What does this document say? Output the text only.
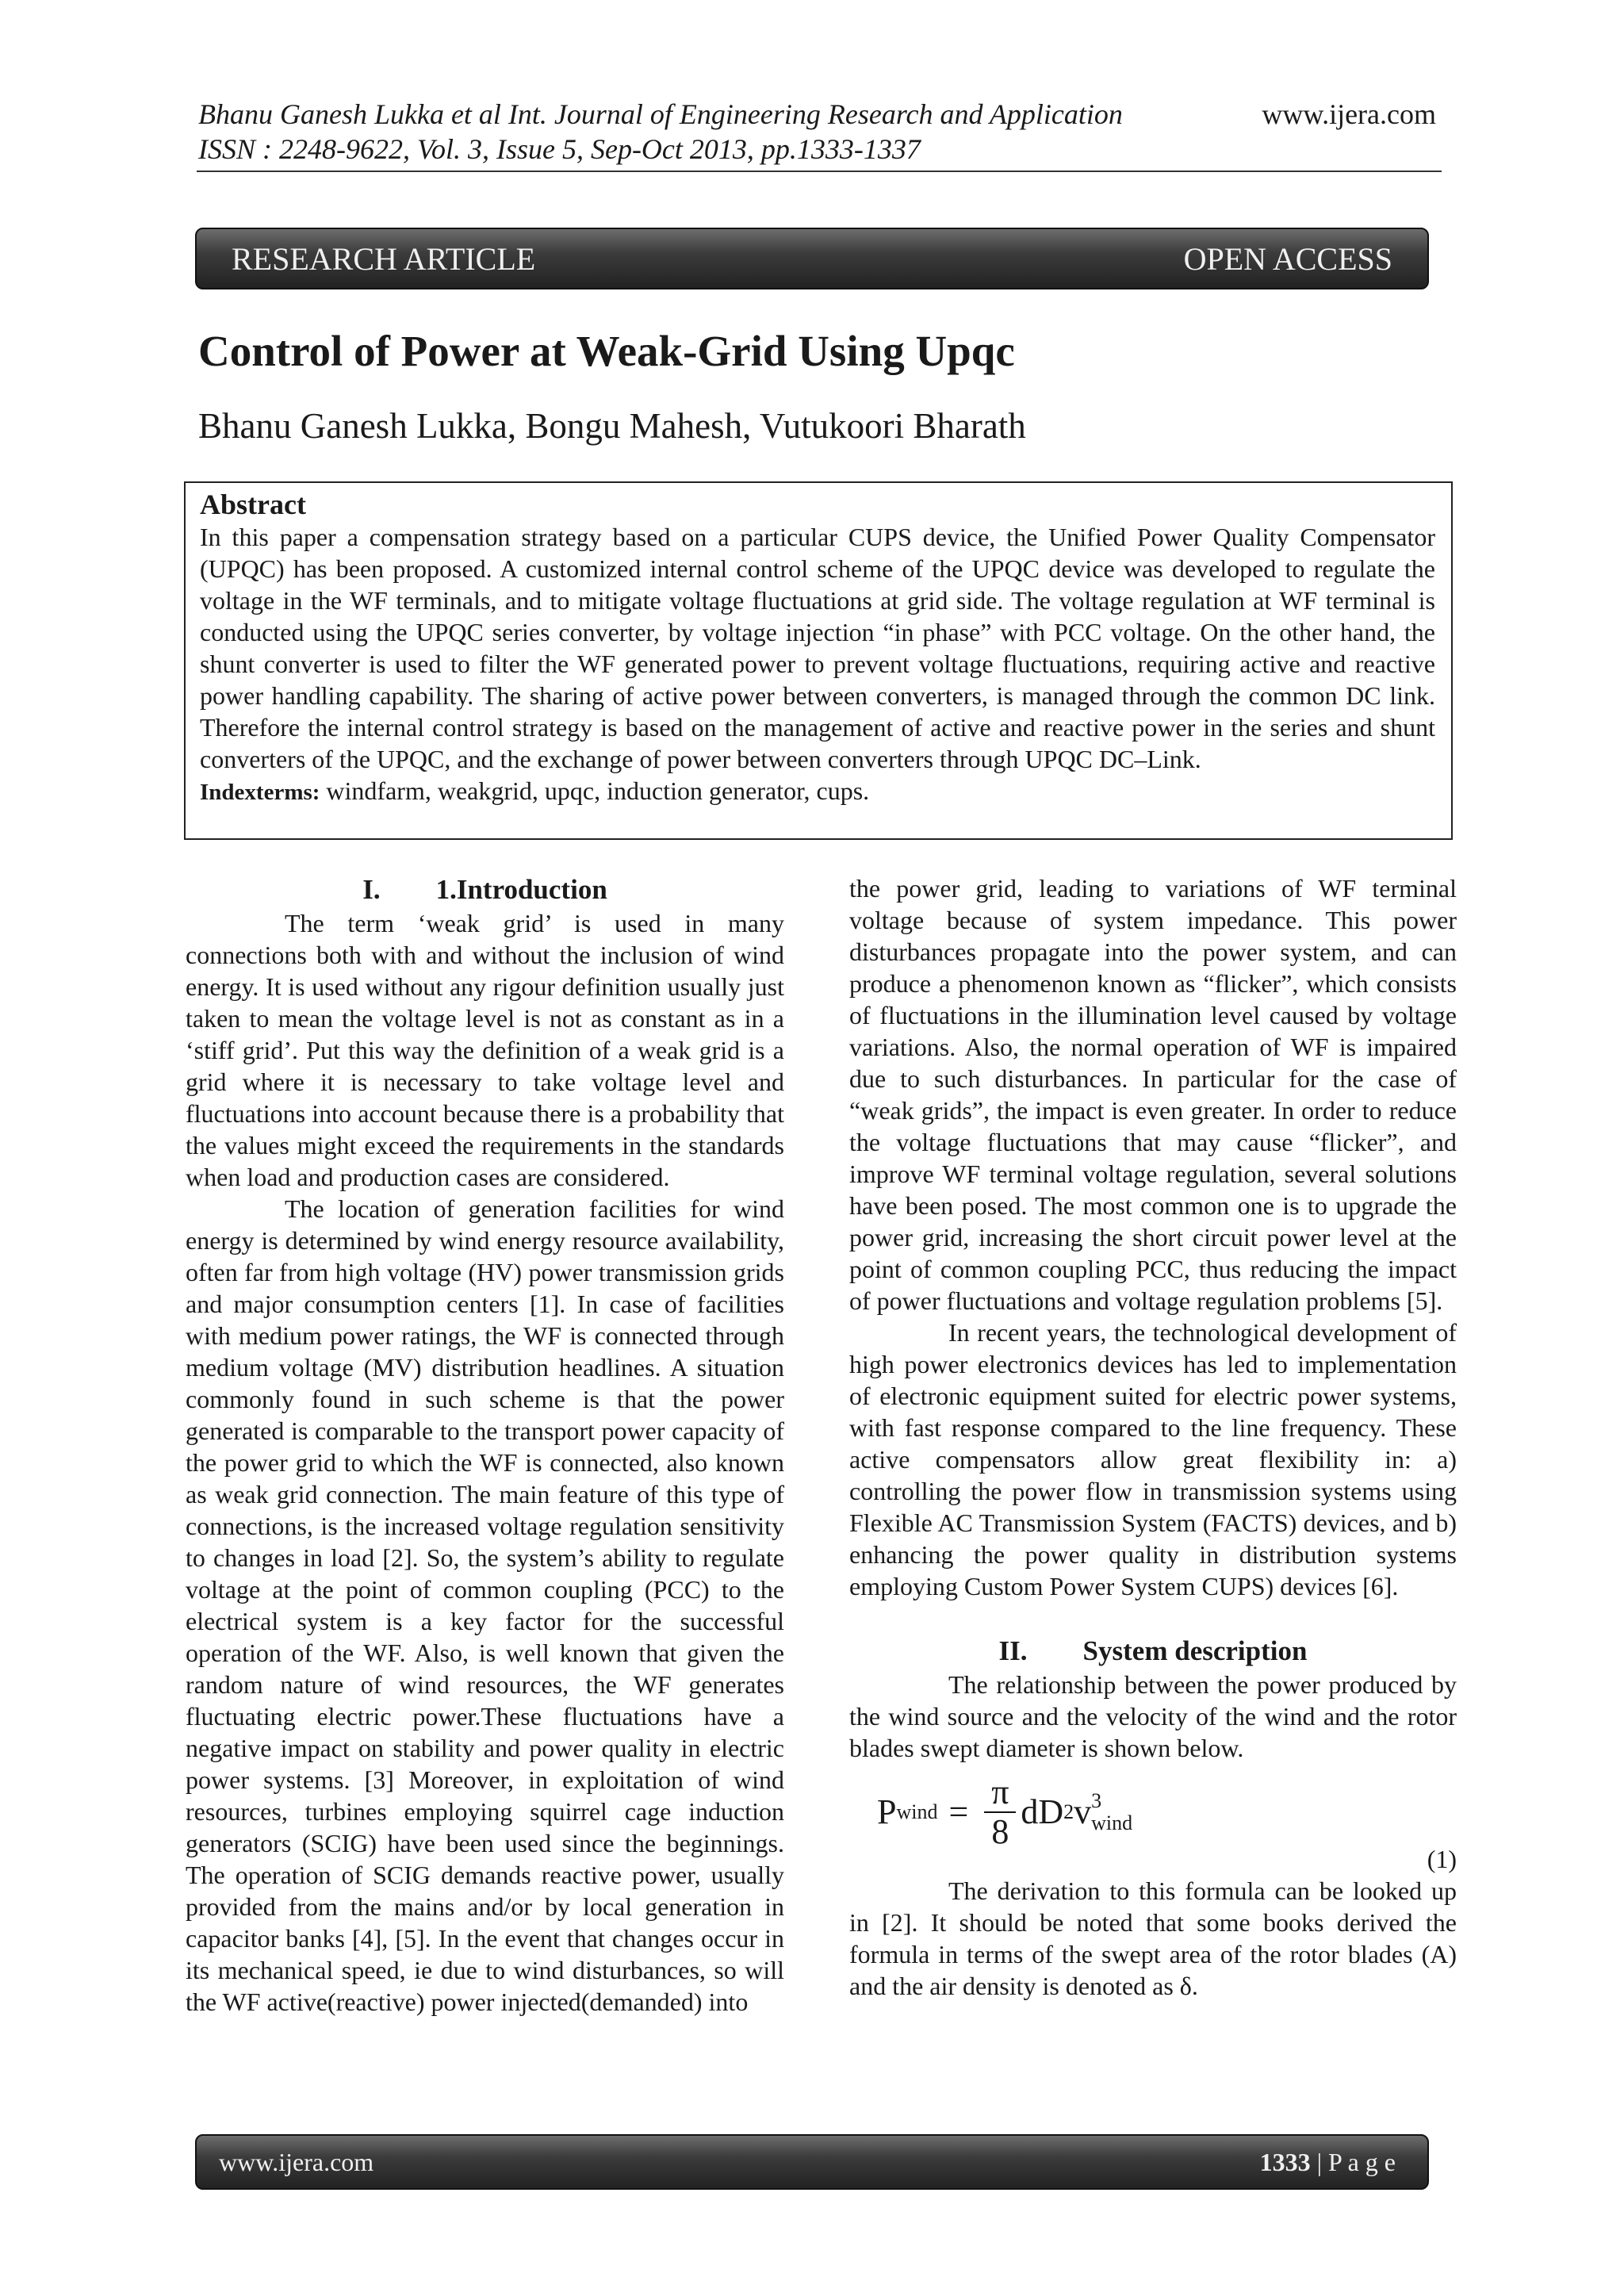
Bhanu Ganesh Lukka et al Int. Journal of Engineering Research and Application
ISSN : 2248-9622, Vol. 3, Issue 5, Sep-Oct 2013, pp.1333-1337
www.ijera.com
RESEARCH ARTICLE	OPEN ACCESS
Control of Power at Weak-Grid Using Upqc
Bhanu Ganesh Lukka, Bongu Mahesh, Vutukoori Bharath
Abstract
In this paper a compensation strategy based on a particular CUPS device, the Unified Power Quality Compensator (UPQC) has been proposed. A customized internal control scheme of the UPQC device was developed to regulate the voltage in the WF terminals, and to mitigate voltage fluctuations at grid side. The voltage regulation at WF terminal is conducted using the UPQC series converter, by voltage injection “in phase” with PCC voltage. On the other hand, the shunt converter is used to filter the WF generated power to prevent voltage fluctuations, requiring active and reactive power handling capability. The sharing of active power between converters, is managed through the common DC link. Therefore the internal control strategy is based on the management of active and reactive power in the series and shunt converters of the UPQC, and the exchange of power between converters through UPQC DC–Link.
Indexterms: windfarm, weakgrid, upqc, induction generator, cups.
I. 1.Introduction

The term ‘weak grid’ is used in many connections both with and without the inclusion of wind energy. It is used without any rigour definition usually just taken to mean the voltage level is not as constant as in a ‘stiff grid’. Put this way the definition of a weak grid is a grid where it is necessary to take voltage level and fluctuations into account because there is a probability that the values might exceed the requirements in the standards when load and production cases are considered.

The location of generation facilities for wind energy is determined by wind energy resource availability, often far from high voltage (HV) power transmission grids and major consumption centers [1]. In case of facilities with medium power ratings, the WF is connected through medium voltage (MV) distribution headlines. A situation commonly found in such scheme is that the power generated is comparable to the transport power capacity of the power grid to which the WF is connected, also known as weak grid connection. The main feature of this type of connections, is the increased voltage regulation sensitivity to changes in load [2]. So, the system’s ability to regulate voltage at the point of common coupling (PCC) to the electrical system is a key factor for the successful operation of the WF. Also, is well known that given the random nature of wind resources, the WF generates fluctuating electric power.These fluctuations have a negative impact on stability and power quality in electric power systems. [3] Moreover, in exploitation of wind resources, turbines employing squirrel cage induction generators (SCIG) have been used since the beginnings. The operation of SCIG demands reactive power, usually provided from the mains and/or by local generation in capacitor banks [4], [5]. In the event that changes occur in its mechanical speed, ie due to wind disturbances, so will the WF active(reactive) power injected(demanded) into

the power grid, leading to variations of WF terminal voltage because of system impedance. This power disturbances propagate into the power system, and can produce a phenomenon known as “flicker”, which consists of fluctuations in the illumination level caused by voltage variations. Also, the normal operation of WF is impaired due to such disturbances. In particular for the case of “weak grids”, the impact is even greater. In order to reduce the voltage fluctuations that may cause “flicker”, and improve WF terminal voltage regulation, several solutions have been posed. The most common one is to upgrade the power grid, increasing the short circuit power level at the point of common coupling PCC, thus reducing the impact of power fluctuations and voltage regulation problems [5].

In recent years, the technological development of high power electronics devices has led to implementation of electronic equipment suited for electric power systems, with fast response compared to the line frequency. These active compensators allow great flexibility in: a) controlling the power flow in transmission systems using Flexible AC Transmission System (FACTS) devices, and b) enhancing the power quality in distribution systems employing Custom Power System CUPS) devices [6].

II. System description

The relationship between the power produced by the wind source and the velocity of the wind and the rotor blades swept diameter is shown below.

P wind = $\frac{\pi}{8}$ dD 2 v 3
wind
(1)

The derivation to this formula can be looked up in [2]. It should be noted that some books derived the formula in terms of the swept area of the rotor blades (A) and the air density is denoted as δ.

www.ijera.com	1333 | P a g e
